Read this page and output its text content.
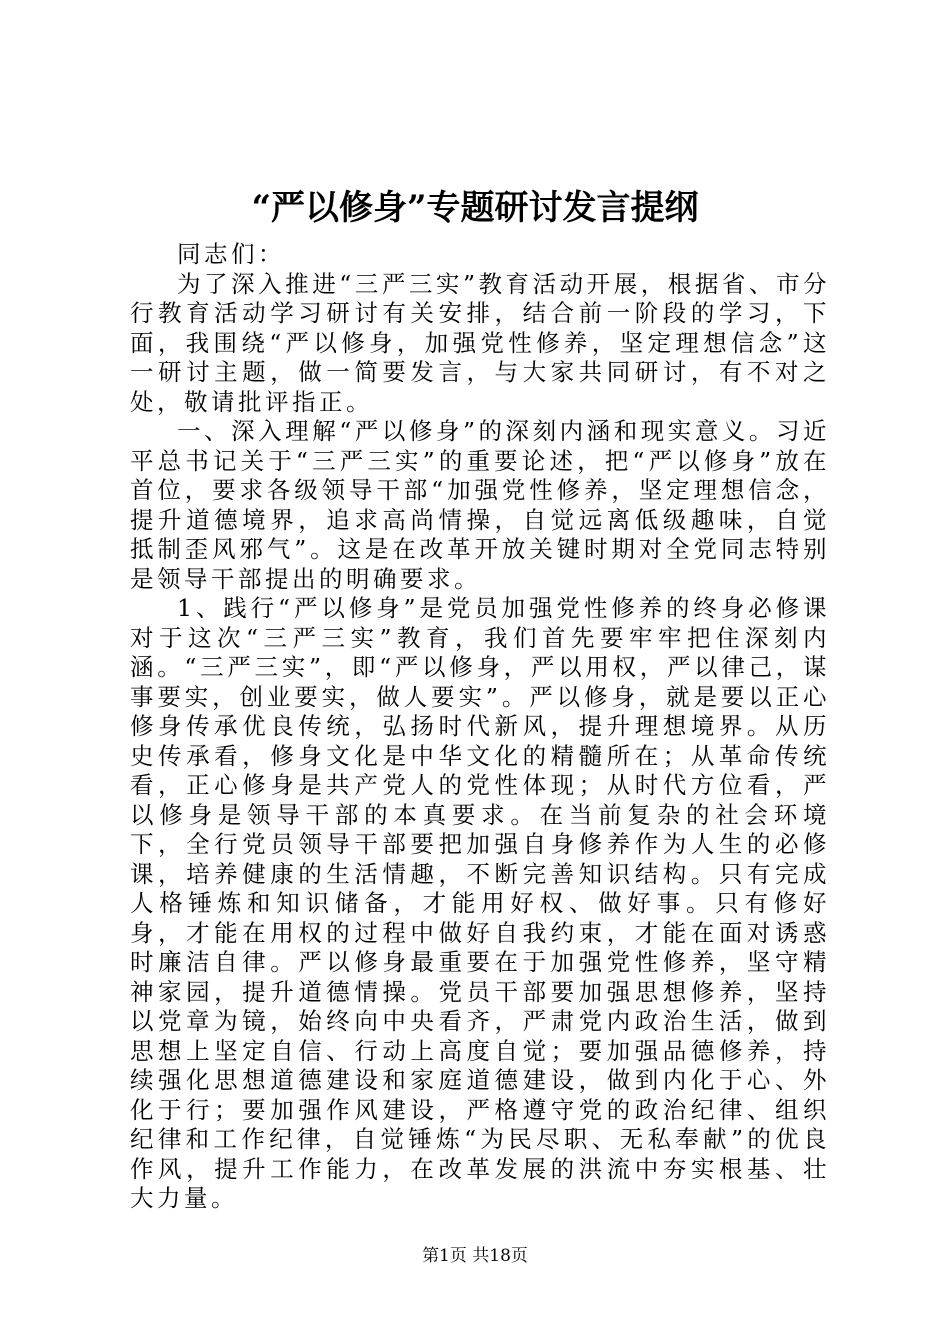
“严以修身”专题研讨发言提纲

同志们：

为了深入推进“三严三实”教育活动开展，根据省、市分行教育活动学习研讨有关安排，结合前一阶段的学习，下面，我围绕“严以修身，加强党性修养，坚定理想信念”这一研讨主题，做一简要发言，与大家共同研讨，有不对之处，敬请批评指正。

一、深入理解“严以修身”的深刻内涵和现实意义。习近平总书记关于“三严三实”的重要论述，把“严以修身”放在首位，要求各级领导干部“加强党性修养，坚定理想信念，提升道德境界，追求高尚情操，自觉远离低级趣味，自觉抵制歪风邪气”。这是在改革开放关键时期对全党同志特别是领导干部提出的明确要求。

1、践行“严以修身”是党员加强党性修养的终身必修课对于这次“三严三实”教育，我们首先要牢牢把住深刻内涵。“三严三实”，即“严以修身，严以用权，严以律己，谋事要实，创业要实，做人要实”。严以修身，就是要以正心修身传承优良传统，弘扬时代新风，提升理想境界。从历史传承看，修身文化是中华文化的精髓所在；从革命传统看，正心修身是共产党人的党性体现；从时代方位看，严以修身是领导干部的本真要求。在当前复杂的社会环境下，全行党员领导干部要把加强自身修养作为人生的必修课，培养健康的生活情趣，不断完善知识结构。只有完成人格锤炼和知识储备，才能用好权、做好事。只有修好身，才能在用权的过程中做好自我约束，才能在面对诱惑时廉洁自律。严以修身最重要在于加强党性修养，坚守精神家园，提升道德情操。党员干部要加强思想修养，坚持以党章为镜，始终向中央看齐，严肃党内政治生活，做到思想上坚定自信、行动上高度自觉；要加强品德修养，持续强化思想道德建设和家庭道德建设，做到内化于心、外化于行；要加强作风建设，严格遵守党的政治纪律、组织纪律和工作纪律，自觉锤炼“为民尽职、无私奉献”的优良作风，提升工作能力，在改革发展的洪流中夯实根基、壮大力量。

第1页 共18页
